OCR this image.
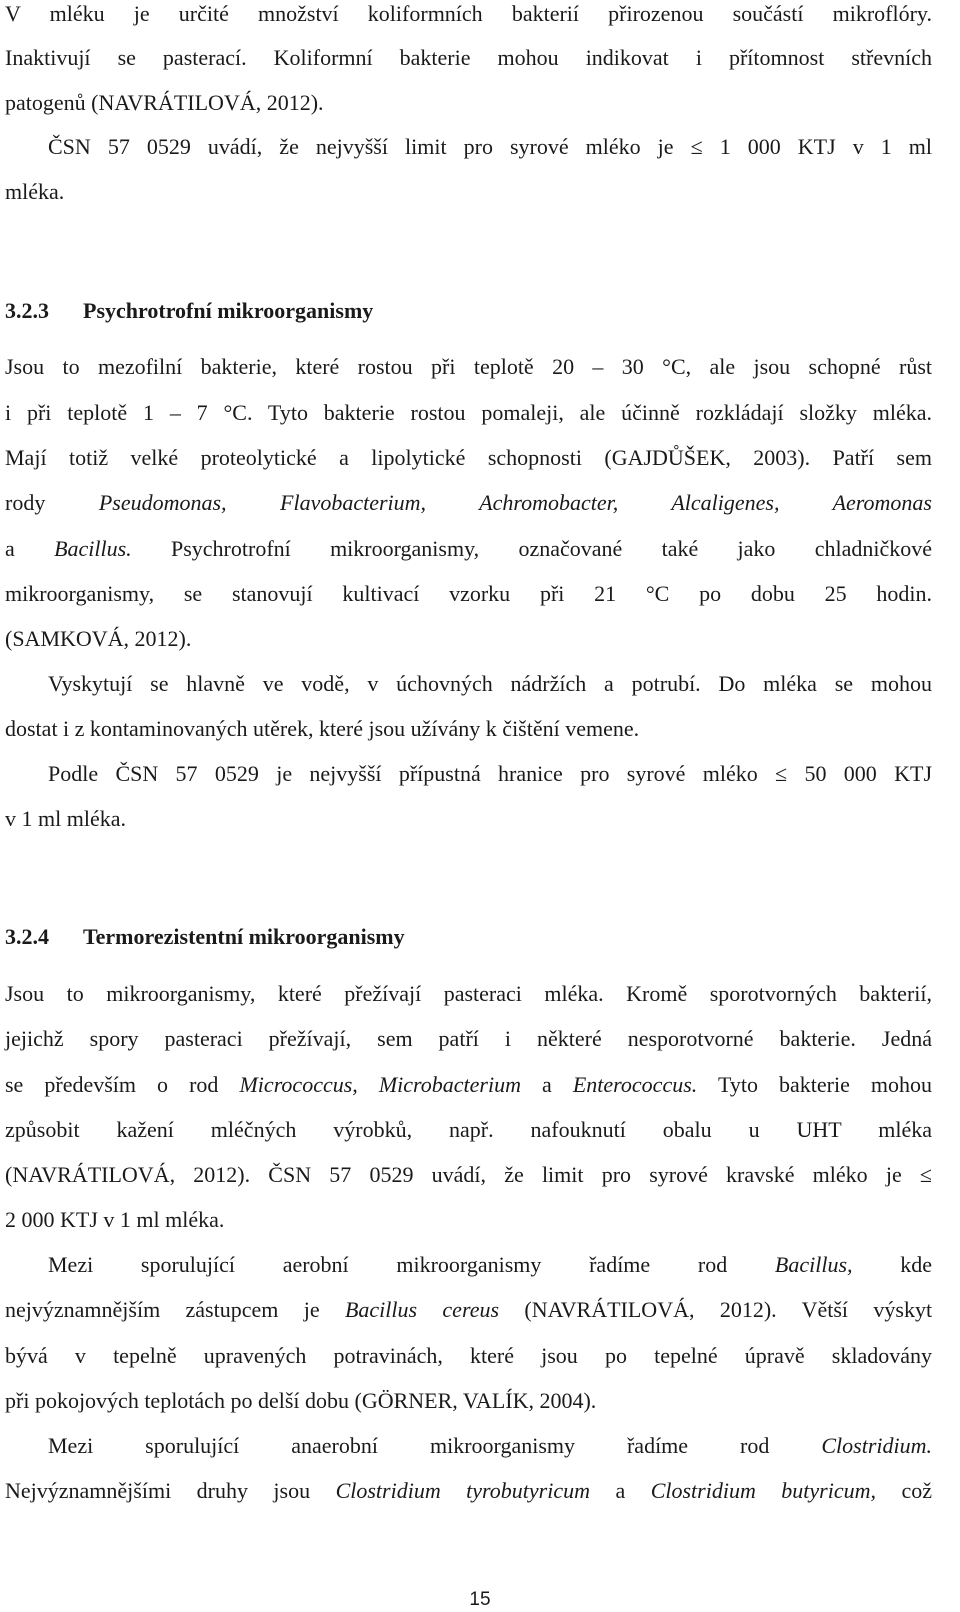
V mléku je určité množství koliformních bakterií přirozenou součástí mikroflóry.
Inaktivují se pasterací. Koliformní bakterie mohou indikovat i přítomnost střevních
patogenů (NAVRÁTILOVÁ, 2012).
ČSN 57 0529 uvádí, že nejvyšší limit pro syrové mléko je ≤ 1 000 KTJ v 1 ml
mléka.
3.2.3 Psychrotrofní mikroorganismy
Jsou to mezofilní bakterie, které rostou při teplotě 20 – 30 °C, ale jsou schopné růst
i při teplotě 1 – 7 °C. Tyto bakterie rostou pomaleji, ale účinně rozkládají složky mléka.
Mají totiž velké proteolytické a lipolytické schopnosti (GAJDŮŠEK, 2003). Patří sem
rody Pseudomonas, Flavobacterium, Achromobacter, Alcaligenes, Aeromonas
a Bacillus. Psychrotrofní mikroorganismy, označované také jako chladničkové
mikroorganismy, se stanovují kultivací vzorku při 21 °C po dobu 25 hodin.
(SAMKOVÁ, 2012).
Vyskytují se hlavně ve vodě, v úchovných nádržích a potrubí. Do mléka se mohou
dostat i z kontaminovaných utěrek, které jsou užívány k čištění vemene.
Podle ČSN 57 0529 je nejvyšší přípustná hranice pro syrové mléko ≤ 50 000 KTJ
v 1 ml mléka.
3.2.4 Termorezistentní mikroorganismy
Jsou to mikroorganismy, které přežívají pasteraci mléka. Kromě sporotvorných bakterií,
jejichž spory pasteraci přežívají, sem patří i některé nesporotvorné bakterie. Jedná
se především o rod Micrococcus, Microbacterium a Enterococcus. Tyto bakterie mohou
způsobit kažení mléčných výrobků, např. nafouknutí obalu u UHT mléka
(NAVRÁTILOVÁ, 2012). ČSN 57 0529 uvádí, že limit pro syrové kravské mléko je ≤
2 000 KTJ v 1 ml mléka.
Mezi sporulující aerobní mikroorganismy řadíme rod Bacillus, kde
nejvýznamnějším zástupcem je Bacillus cereus (NAVRÁTILOVÁ, 2012). Větší výskyt
bývá v tepelně upravených potravinách, které jsou po tepelné úpravě skladovány
při pokojových teplotách po delší dobu (GÖRNER, VALÍK, 2004).
Mezi sporulující anaerobní mikroorganismy řadíme rod Clostridium.
Nejvýznamnějšími druhy jsou Clostridium tyrobutyricum a Clostridium butyricum, což
15
